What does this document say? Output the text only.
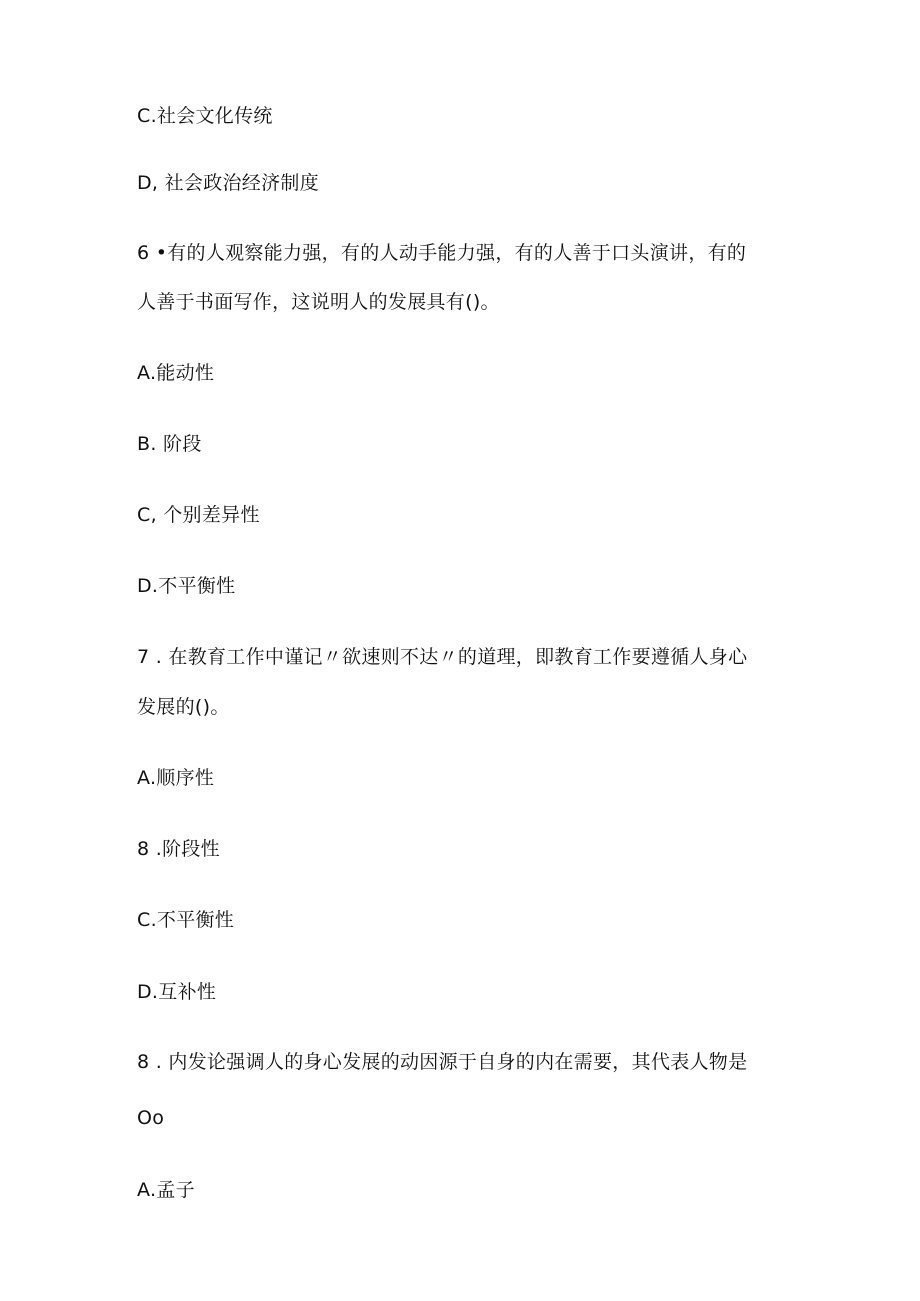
C.社会文化传统
D, 社会政治经济制度
6 •有的人观察能力强，有的人动手能力强，有的人善于口头演讲，有的
人善于书面写作，这说明人的发展具有()。
A.能动性
B. 阶段
C, 个别差异性
D.不平衡性
7 . 在教育工作中谨记〃欲速则不达〃的道理，即教育工作要遵循人身心
发展的()。
A.顺序性
8 .阶段性
C.不平衡性
D.互补性
8 . 内发论强调人的身心发展的动因源于自身的内在需要，其代表人物是
Oo
A.孟子
